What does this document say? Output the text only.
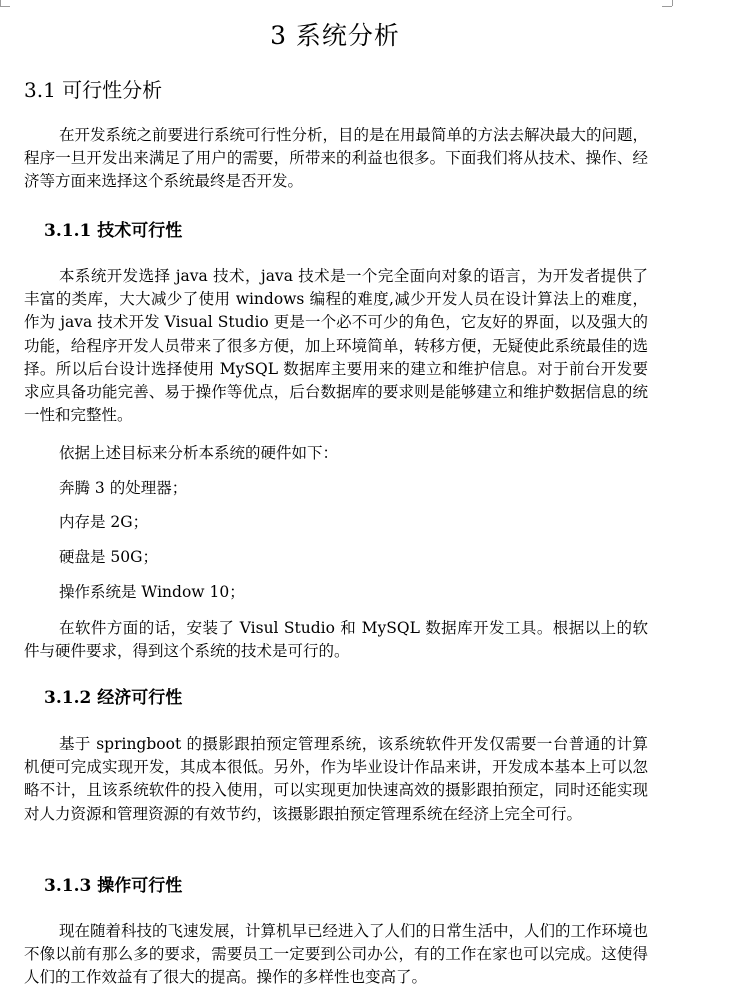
3 系统分析
3.1 可行性分析

在开发系统之前要进行系统可行性分析，目的是在用最简单的方法去解决最大的问题，程序一旦开发出来满足了用户的需要，所带来的利益也很多。下面我们将从技术、操作、经济等方面来选择这个系统最终是否开发。

3.1.1 技术可行性

本系统开发选择 java 技术，java 技术是一个完全面向对象的语言，为开发者提供了丰富的类库，大大减少了使用 windows 编程的难度,减少开发人员在设计算法上的难度，作为 java 技术开发 Visual Studio 更是一个必不可少的角色，它友好的界面，以及强大的功能，给程序开发人员带来了很多方便，加上环境简单，转移方便，无疑使此系统最佳的选择。所以后台设计选择使用 MySQL 数据库主要用来的建立和维护信息。对于前台开发要求应具备功能完善、易于操作等优点，后台数据库的要求则是能够建立和维护数据信息的统一性和完整性。

依据上述目标来分析本系统的硬件如下：
奔腾 3 的处理器；
内存是 2G；
硬盘是 50G；
操作系统是 Window 10；

在软件方面的话，安装了 Visul Studio 和 MySQL 数据库开发工具。根据以上的软件与硬件要求，得到这个系统的技术是可行的。

3.1.2 经济可行性

基于 springboot 的摄影跟拍预定管理系统，该系统软件开发仅需要一台普通的计算机便可完成实现开发，其成本很低。另外，作为毕业设计作品来讲，开发成本基本上可以忽略不计，且该系统软件的投入使用，可以实现更加快速高效的摄影跟拍预定，同时还能实现对人力资源和管理资源的有效节约，该摄影跟拍预定管理系统在经济上完全可行。

3.1.3 操作可行性

现在随着科技的飞速发展，计算机早已经进入了人们的日常生活中，人们的工作环境也不像以前有那么多的要求，需要员工一定要到公司办公，有的工作在家也可以完成。这使得人们的工作效益有了很大的提高。操作的多样性也变高了。
